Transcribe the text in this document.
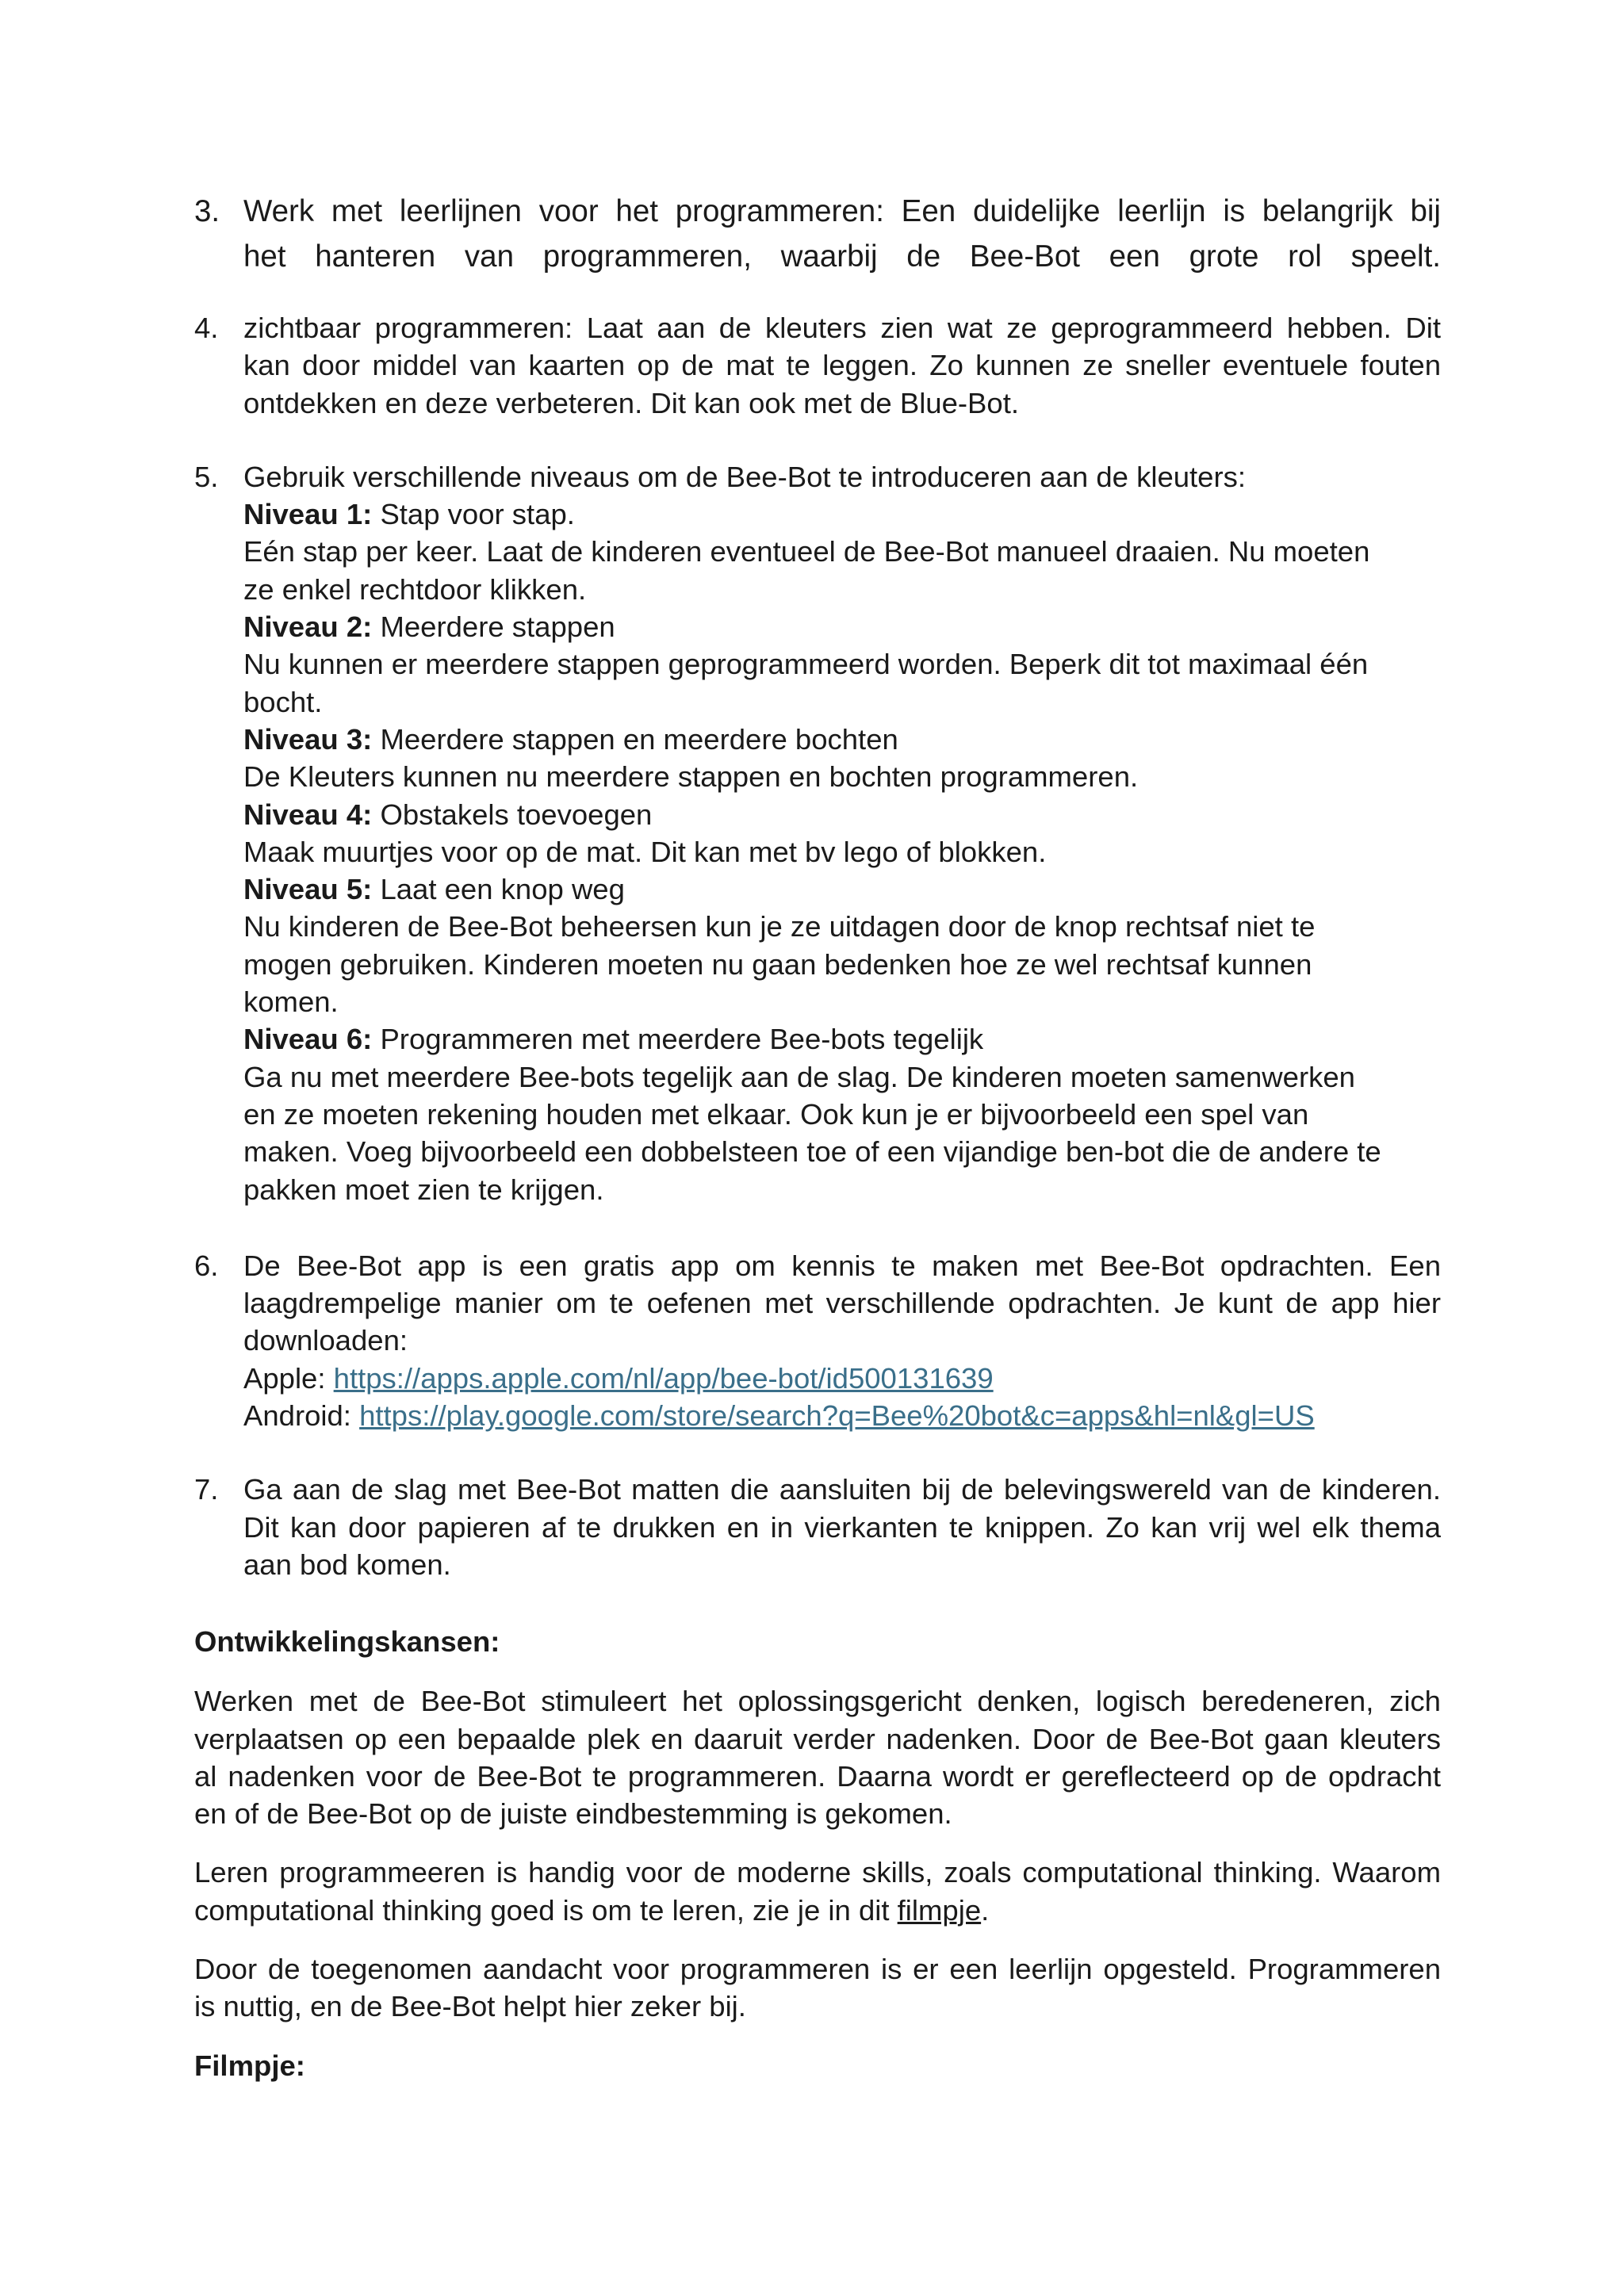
3. Werk met leerlijnen voor het programmeren: Een duidelijke leerlijn is belangrijk bij
het hanteren van programmeren, waarbij de Bee-Bot een grote rol speelt.
4. zichtbaar programmeren: Laat aan de kleuters zien wat ze geprogrammeerd hebben. Dit
kan door middel van kaarten op de mat te leggen. Zo kunnen ze sneller eventuele fouten
ontdekken en deze verbeteren. Dit kan ook met de Blue-Bot.
5. Gebruik verschillende niveaus om de Bee-Bot te introduceren aan de kleuters:
Niveau 1: Stap voor stap.
Eén stap per keer. Laat de kinderen eventueel de Bee-Bot manueel draaien. Nu moeten
ze enkel rechtdoor klikken.
Niveau 2: Meerdere stappen
Nu kunnen er meerdere stappen geprogrammeerd worden. Beperk dit tot maximaal één
bocht.
Niveau 3: Meerdere stappen en meerdere bochten
De Kleuters kunnen nu meerdere stappen en bochten programmeren.
Niveau 4: Obstakels toevoegen
Maak muurtjes voor op de mat. Dit kan met bv lego of blokken.
Niveau 5: Laat een knop weg
Nu kinderen de Bee-Bot beheersen kun je ze uitdagen door de knop rechtsaf niet te
mogen gebruiken. Kinderen moeten nu gaan bedenken hoe ze wel rechtsaf kunnen
komen.
Niveau 6: Programmeren met meerdere Bee-bots tegelijk
Ga nu met meerdere Bee-bots tegelijk aan de slag. De kinderen moeten samenwerken
en ze moeten rekening houden met elkaar. Ook kun je er bijvoorbeeld een spel van
maken. Voeg bijvoorbeeld een dobbelsteen toe of een vijandige ben-bot die de andere te
pakken moet zien te krijgen.
6. De Bee-Bot app is een gratis app om kennis te maken met Bee-Bot opdrachten. Een
laagdrempelige manier om te oefenen met verschillende opdrachten. Je kunt de app hier
downloaden:
Apple: https://apps.apple.com/nl/app/bee-bot/id500131639
Android: https://play.google.com/store/search?q=Bee%20bot&c=apps&hl=nl&gl=US
7. Ga aan de slag met Bee-Bot matten die aansluiten bij de belevingswereld van de kinderen.
Dit kan door papieren af te drukken en in vierkanten te knippen. Zo kan vrij wel elk thema
aan bod komen.
Ontwikkelingskansen:
Werken met de Bee-Bot stimuleert het oplossingsgericht denken, logisch beredeneren, zich
verplaatsen op een bepaalde plek en daaruit verder nadenken. Door de Bee-Bot gaan kleuters
al nadenken voor de Bee-Bot te programmeren. Daarna wordt er gereflecteerd op de opdracht
en of de Bee-Bot op de juiste eindbestemming is gekomen.
Leren programmeeren is handig voor de moderne skills, zoals computational thinking. Waarom
computational thinking goed is om te leren, zie je in dit filmpje.
Door de toegenomen aandacht voor programmeren is er een leerlijn opgesteld. Programmeren
is nuttig, en de Bee-Bot helpt hier zeker bij.
Filmpje:
